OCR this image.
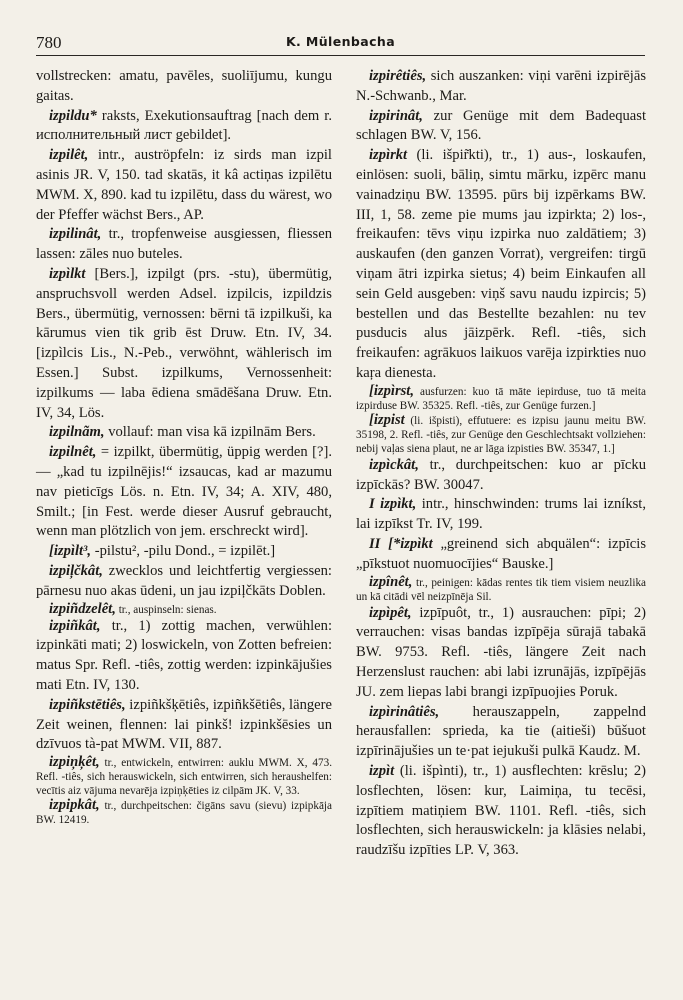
780	K. Mülenbacha

vollstrecken: amatu, pavēles, suoliījumu, kungu gaitas.

izpildu* raksts, Exekutionsauftrag [nach dem r. исполнительный лист gebildet].

izpilêt, intr., auströpfeln: iz sirds man izpil asinis JR. V, 150. tad skatās, it kâ actiņas izpilētu MWM. X, 890. kad tu izpilētu, dass du wärest, wo der Pfeffer wächst Bers., AP.

izpilinât, tr., tropfenweise ausgiessen, fliessen lassen: zāles nuo buteles.

izpìlkt [Bers.], izpilgt (prs. -stu), übermütig, anspruchsvoll werden Adsel. izpilcis, izpildzis Bers., übermütig, vernossen: bērni tā izpilkuši, ka kārumus vien tik grib ēst Druw. Etn. IV, 34. [izpìlcis Lis., N.-Peb., verwöhnt, wählerisch im Essen.] Subst. izpilkums, Vernossenheit: izpilkums — laba ēdiena smādēšana Druw. Etn. IV, 34, Lös.

izpilnãm, vollauf: man visa kā izpilnām Bers.

izpilnêt, = izpilkt, übermütig, üppig werden [?]. — „kad tu izpilnējis!“ izsaucas, kad ar mazumu nav pieticīgs Lös. n. Etn. IV, 34; A. XIV, 480, Smilt.; [in Fest. werde dieser Ausruf gebraucht, wenn man plötzlich von jem. erschreckt wird].

[izpìlt³, -pilstu², -pilu Dond., = izpilēt.]

izpiļčkât, zwecklos und leichtfertig vergiessen: pārnesu nuo akas ūdeni, un jau izpiļčkāts Doblen.

izpiñdzelêt, tr., auspinseln: sienas.

izpiñkât, tr., 1) zottig machen, verwühlen: izpinkāti mati; 2) loswickeln, von Zotten befreien: matus Spr. Refl. -tiês, zottig werden: izpinkājušies mati Etn. IV, 130.

izpiñkstētiês, izpiñkšķētiês, izpiñkšētiês, längere Zeit weinen, flennen: lai pinkš! izpinkšēsies un dzīvuos tà-pat MWM. VII, 887.

izpiņķêt, tr., entwickeln, entwirren: auklu MWM. X, 473. Refl. -tiês, sich herauswickeln, sich entwirren, sich heraushelfen: vecītis aiz vājuma nevarēja izpiņķēties iz cilpām JK. V, 33.

izpipkât, tr., durchpeitschen: čigāns savu (sievu) izpipkāja BW. 12419.

izpirêtiês, sich auszanken: viņi varēni izpirējās N.-Schwanb., Mar.

izpirinât, zur Genüge mit dem Badequast schlagen BW. V, 156.

izpìrkt (li. išpir̃kti), tr., 1) aus-, loskaufen, einlösen: suoli, bāliņ, simtu mārku, izpērc manu vainadziņu BW. 13595. pūrs bij izpērkams BW. III, 1, 58. zeme pie mums jau izpirkta; 2) los-, freikaufen: tēvs viņu izpirka nuo zaldātiem; 3) auskaufen (den ganzen Vorrat), vergreifen: tirgū viņam ātri izpirka sietus; 4) beim Einkaufen all sein Geld ausgeben: viņš savu naudu izpircis; 5) bestellen und das Bestellte bezahlen: nu tev pusducis alus jāizpērk. Refl. -tiês, sich freikaufen: agrākuos laikuos varēja izpirkties nuo kaŗa dienesta.

[izpìrst, ausfurzen: kuo tā māte iepirduse, tuo tā meita izpirduse BW. 35325. Refl. -tiês, zur Genüge furzen.]

[izpist (li. išpisti), effutuere: es izpisu jaunu meitu BW. 35198, 2. Refl. -tiês, zur Genüge den Geschlechtsakt vollziehen: nebij vaļas siena plaut, ne ar lāga izpisties BW. 35347, 1.]

izpìckât, tr., durchpeitschen: kuo ar pīcku izpīckās? BW. 30047.

I izpìkt, intr., hinschwinden: trums lai izníkst, lai izpīkst Tr. IV, 199.

II [*izpìkt „greinend sich abquälen“: izpīcis „pīkstuot nuomuocījies“ Bauske.]

izpînêt, tr., peinigen: kādas rentes tik tiem visiem neuzlika un kā citādi vēl neizpīnēja Sil.

izpìpêt, izpīpuôt, tr., 1) ausrauchen: pīpi; 2) verrauchen: visas bandas izpīpēja sūrajā tabakā BW. 9753. Refl. -tiês, längere Zeit nach Herzenslust rauchen: abi labi izrunājās, izpīpējās JU. zem liepas labi brangi izpīpuojies Poruk.

izpìrinâtiês, herauszappeln, zappelnd herausfallen: sprieda, ka tie (aitieši) būšuot izpīrinājušies un te·pat iejukuši pulkā Kaudz. M.

izpìt (li. išpìnti), tr., 1) ausflechten: krēslu; 2) losflechten, lösen: kur, Laimiņa, tu tecēsi, izpītiem matiņiem BW. 1101. Refl. -tiês, sich losflechten, sich herauswickeln: ja klāsies nelabi, raudzīšu izpīties LP. V, 363.
